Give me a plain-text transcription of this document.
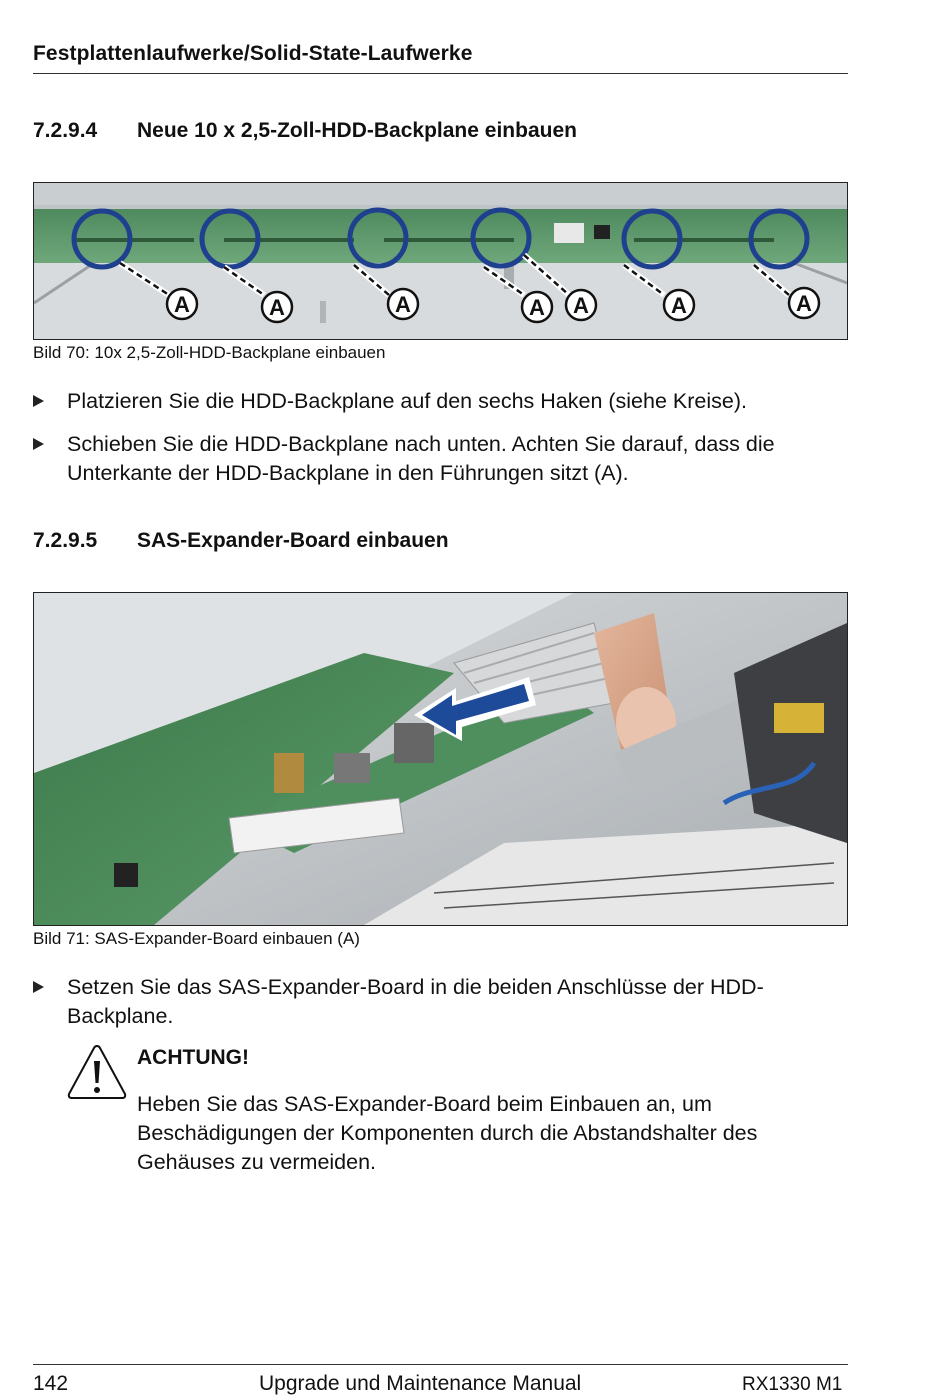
Festplattenlaufwerke/Solid-State-Laufwerke
7.2.9.4 Neue 10 x 2,5-Zoll-HDD-Backplane einbauen
A	A	A	A A	A	A
Bild 70: 10x 2,5-Zoll-HDD-Backplane einbauen
Platzieren Sie die HDD-Backplane auf den sechs Haken (siehe Kreise).
Schieben Sie die HDD-Backplane nach unten. Achten Sie darauf, dass die Unterkante der HDD-Backplane in den Führungen sitzt (A).
7.2.9.5 SAS-Expander-Board einbauen
Bild 71: SAS-Expander-Board einbauen (A)
Setzen Sie das SAS-Expander-Board in die beiden Anschlüsse der HDD-Backplane.
ACHTUNG!
Heben Sie das SAS-Expander-Board beim Einbauen an, um Beschädigungen der Komponenten durch die Abstandshalter des Gehäuses zu vermeiden.
142	Upgrade und Maintenance Manual	RX1330 M1
